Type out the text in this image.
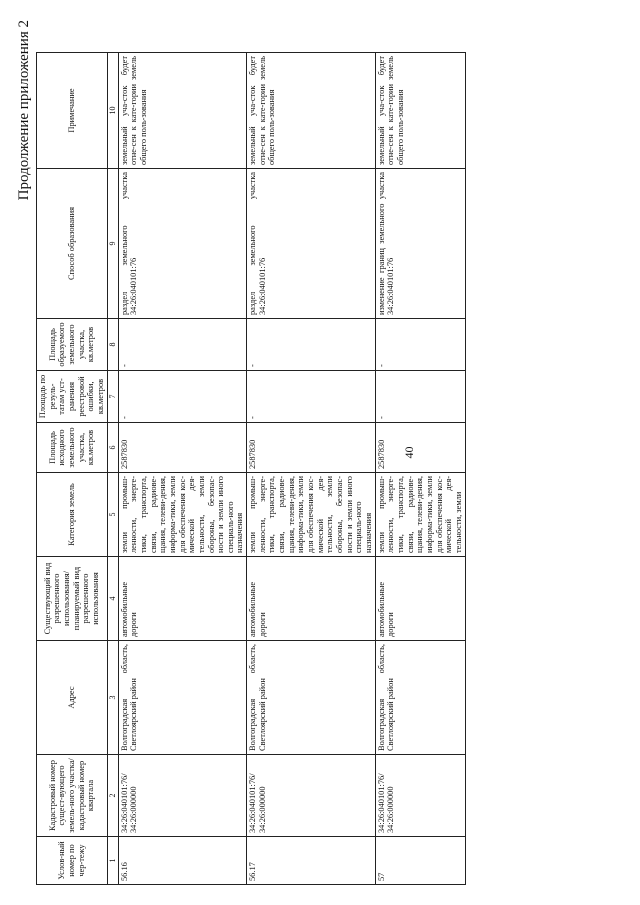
Продолжение приложения 2
40
Услов-ный номер по чер-тежу	Кадастровый номер сущест-вующего земель-ного участка/ кадастровый номер квартала	Адрес	Существующий вид разрешенного использования/ планируемый вид разрешенного использования	Категория земель	Площадь исходного земельного участка, кв.метров	Площадь по резуль-татам уст-ранения реестровой ошибки, кв.метров	Площадь образуемого земельного участка, кв.метров	Способ образования	Примечание
1	2	3	4	5	6	7	8	9	10
56.16	34:26:040101:76/ 34:26:000000	Волгоградская область, Светлоярский район	автомобильные дороги	земли промыш-ленности, энерге-тики, транспорта, связи, радиове-щания, телеви-дения, информа-тики, земли для обеспечения кос-мической дея-тельности, земли обороны, безопас-ности и земли иного специаль-ного назначения	2587830	-	-	раздел земельного участка 34:26:040101:76	земельный уча-сток будет отне-сен к кате-гории земель общего поль-зования
56.17	34:26:040101:76/ 34:26:000000	Волгоградская область, Светлоярский район	автомобильные дороги	земли промыш-ленности, энерге-тики, транспорта, связи, радиове-щания, телеви-дения, информа-тики, земли для обеспечения кос-мической дея-тельности, земли обороны, безопас-ности и земли иного специаль-ного назначения	2587830	-	-	раздел земельного участка 34:26:040101:76	земельный уча-сток будет отне-сен к кате-гории земель общего поль-зования
57	34:26:040101:76/ 34:26:000000	Волгоградская область, Светлоярский район	автомобильные дороги	земли промыш-ленности, энерге-тики, транспорта, связи, радиове-щания, телеви-дения, информа-тики, земли для обеспечения кос-мической дея-тельности, земли	2587830	-	-	изменение границ земельного участка 34:26:040101:76	земельный уча-сток будет отне-сен к кате-гории земель общего поль-зования
